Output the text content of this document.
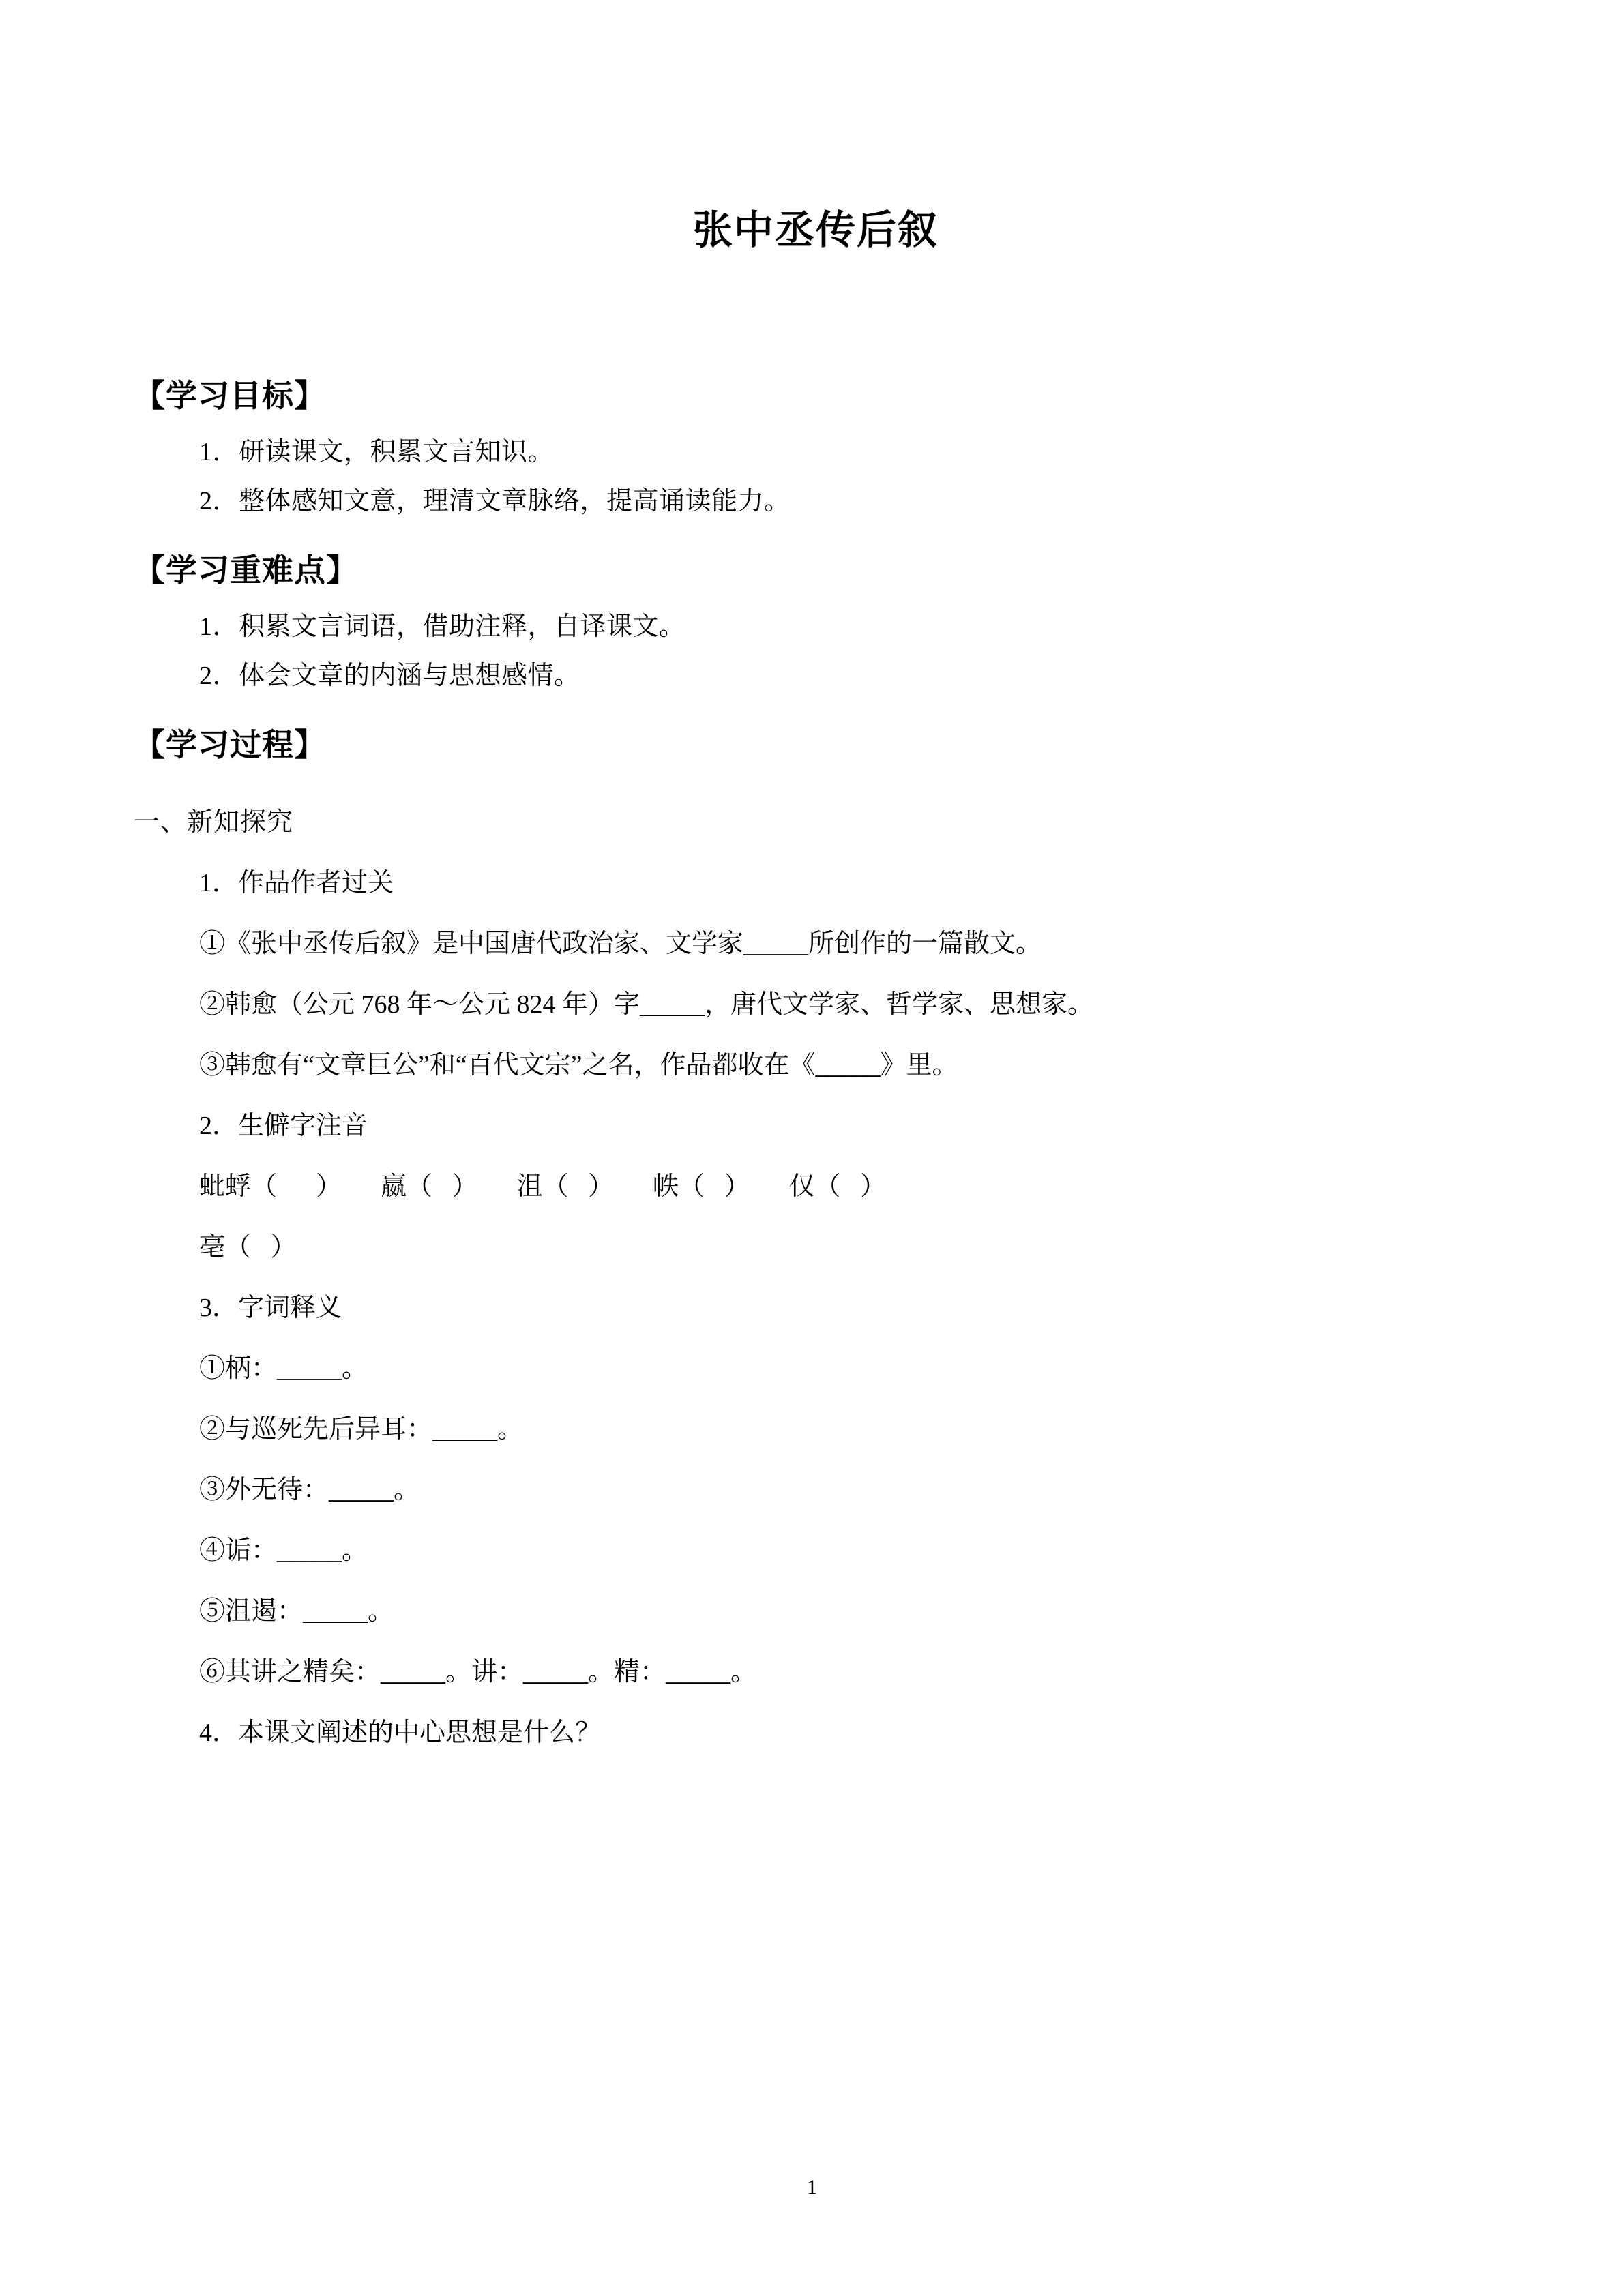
张中丞传后叙
【学习目标】
1．研读课文，积累文言知识。
2．整体感知文意，理清文章脉络，提高诵读能力。
【学习重难点】
1．积累文言词语，借助注释，自译课文。
2．体会文章的内涵与思想感情。
【学习过程】
一、新知探究
1．作品作者过关
①《张中丞传后叙》是中国唐代政治家、文学家_____所创作的一篇散文。
②韩愈（公元 768 年～公元 824 年）字_____，唐代文学家、哲学家、思想家。
③韩愈有“文章巨公”和“百代文宗”之名，作品都收在《_____》里。
2．生僻字注音
蚍蜉（      ）      嬴（   ）      沮（   ）      帙（   ）      仅（   ）
亳（   ）
3．字词释义
①柄：_____。
②与巡死先后异耳：_____。
③外无待：_____。
④诟：_____。
⑤沮遏：_____。
⑥其讲之精矣：_____。讲：_____。精：_____。
4．本课文阐述的中心思想是什么？
1
